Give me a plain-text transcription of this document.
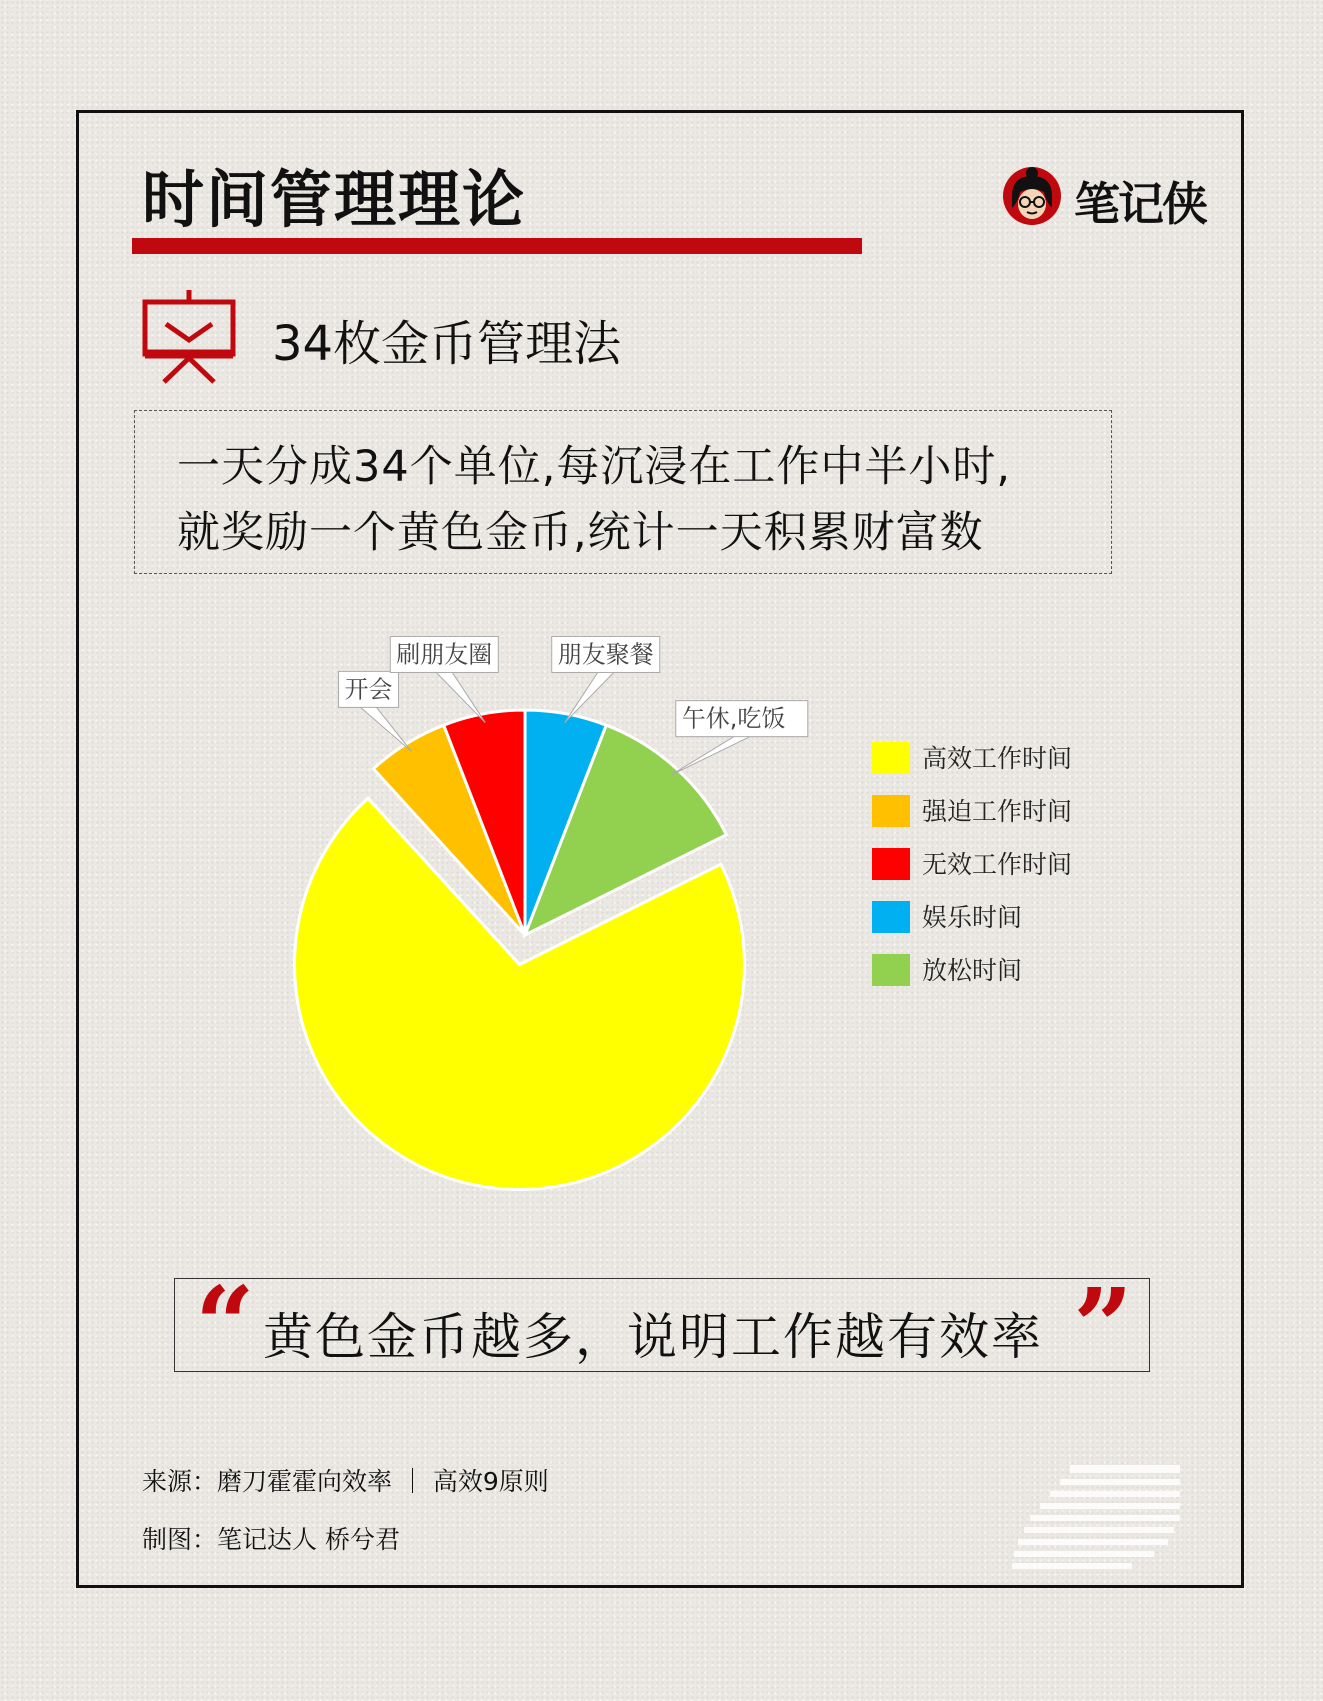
时间管理理论	笔记侠
34枚金币管理法
一天分成34个单位,每沉浸在工作中半小时,
就奖励一个黄色金币,统计一天积累财富数
朋友聚餐
午休,吃饭
开会
刷朋友圈
高效工作时间
强迫工作时间
无效工作时间
娱乐时间
放松时间
“ 黄色金币越多，说明工作越有效率 ”
来源：磨刀霍霍向效率 ｜ 高效9原则
制图：笔记达人 桥兮君
